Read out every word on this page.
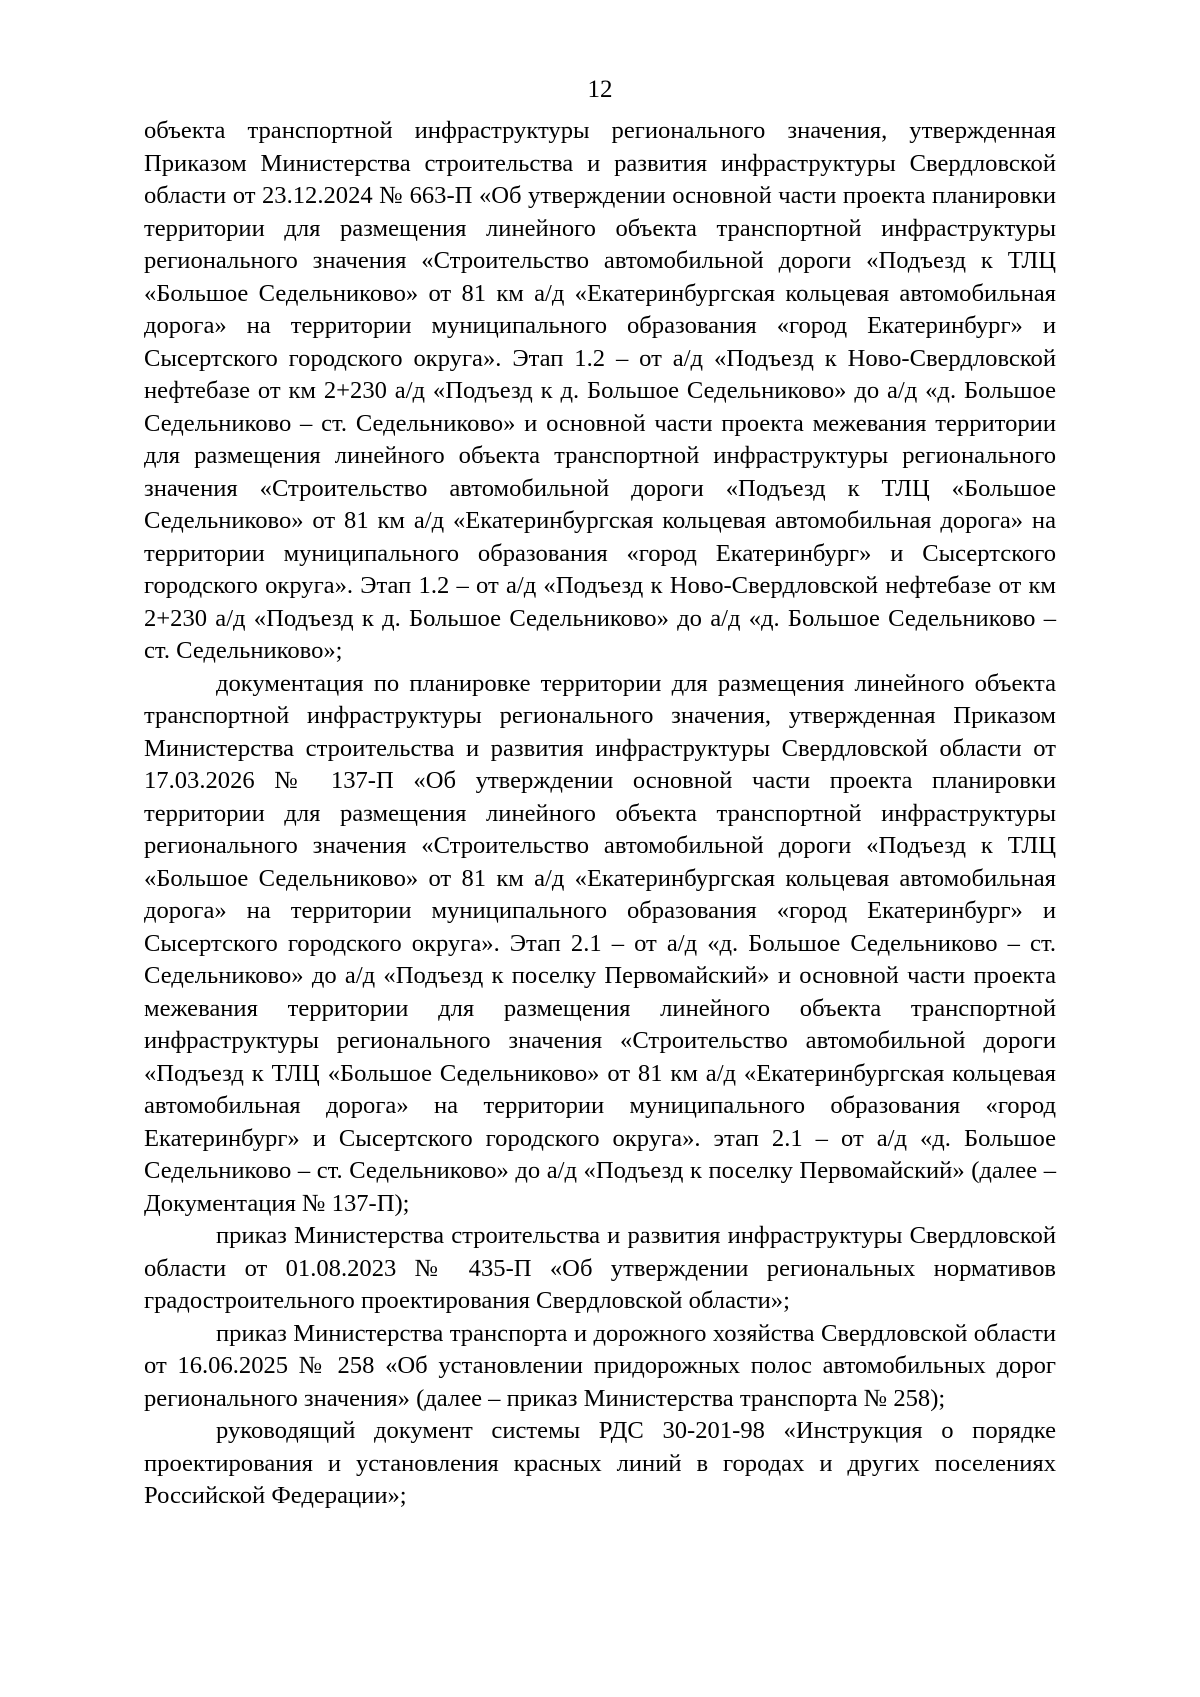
12

объекта транспортной инфраструктуры регионального значения, утвержденная Приказом Министерства строительства и развития инфраструктуры Свердловской области от 23.12.2024 № 663-П «Об утверждении основной части проекта планировки территории для размещения линейного объекта транспортной инфраструктуры регионального значения «Строительство автомобильной дороги «Подъезд к ТЛЦ «Большое Седельниково» от 81 км а/д «Екатеринбургская кольцевая автомобильная дорога» на территории муниципального образования «город Екатеринбург» и Сысертского городского округа». Этап 1.2 – от а/д «Подъезд к Ново-Свердловской нефтебазе от км 2+230 а/д «Подъезд к д. Большое Седельниково» до а/д «д. Большое Седельниково – ст. Седельниково» и основной части проекта межевания территории для размещения линейного объекта транспортной инфраструктуры регионального значения «Строительство автомобильной дороги «Подъезд к ТЛЦ «Большое Седельниково» от 81 км а/д «Екатеринбургская кольцевая автомобильная дорога» на территории муниципального образования «город Екатеринбург» и Сысертского городского округа». Этап 1.2 – от а/д «Подъезд к Ново-Свердловской нефтебазе от км 2+230 а/д «Подъезд к д. Большое Седельниково» до а/д «д. Большое Седельниково – ст. Седельниково»;

документация по планировке территории для размещения линейного объекта транспортной инфраструктуры регионального значения, утвержденная Приказом Министерства строительства и развития инфраструктуры Свердловской области от 17.03.2026 № 137-П «Об утверждении основной части проекта планировки территории для размещения линейного объекта транспортной инфраструктуры регионального значения «Строительство автомобильной дороги «Подъезд к ТЛЦ «Большое Седельниково» от 81 км а/д «Екатеринбургская кольцевая автомобильная дорога» на территории муниципального образования «город Екатеринбург» и Сысертского городского округа». Этап 2.1 – от а/д «д. Большое Седельниково – ст. Седельниково» до а/д «Подъезд к поселку Первомайский» и основной части проекта межевания территории для размещения линейного объекта транспортной инфраструктуры регионального значения «Строительство автомобильной дороги «Подъезд к ТЛЦ «Большое Седельниково» от 81 км а/д «Екатеринбургская кольцевая автомобильная дорога» на территории муниципального образования «город Екатеринбург» и Сысертского городского округа». этап 2.1 – от а/д «д. Большое Седельниково – ст. Седельниково» до а/д «Подъезд к поселку Первомайский» (далее – Документация № 137-П);

приказ Министерства строительства и развития инфраструктуры Свердловской области от 01.08.2023 № 435-П «Об утверждении региональных нормативов градостроительного проектирования Свердловской области»;

приказ Министерства транспорта и дорожного хозяйства Свердловской области от 16.06.2025 № 258 «Об установлении придорожных полос автомобильных дорог регионального значения» (далее – приказ Министерства транспорта № 258);

руководящий документ системы РДС 30-201-98 «Инструкция о порядке проектирования и установления красных линий в городах и других поселениях Российской Федерации»;
